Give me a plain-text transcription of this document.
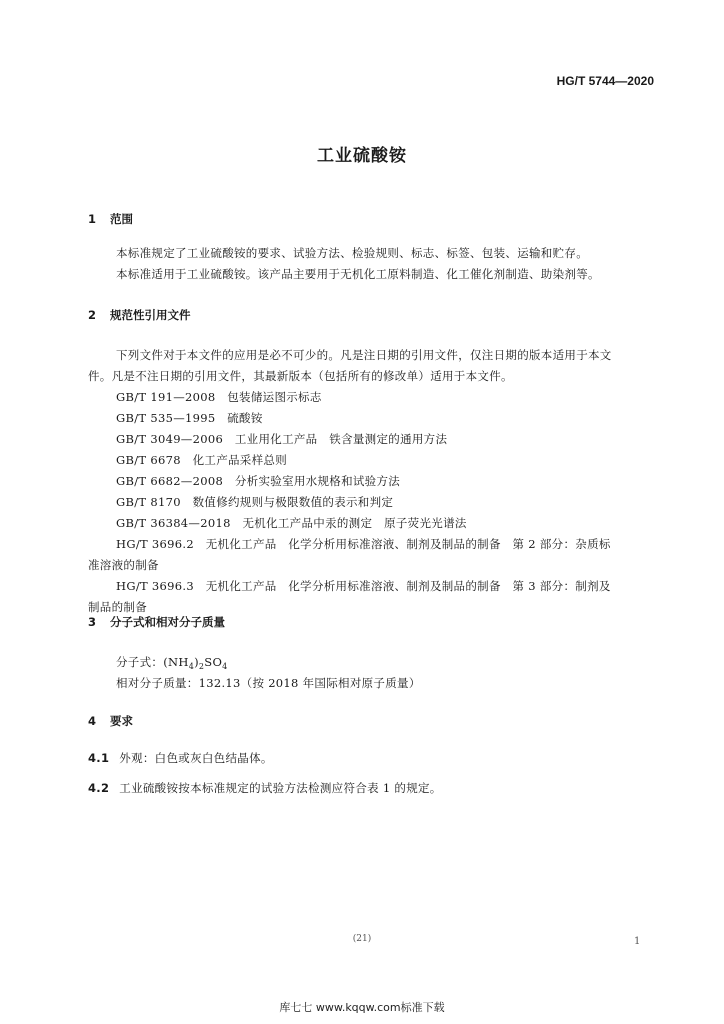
HG/T 5744—2020
工业硫酸铵
1 范围
本标准规定了工业硫酸铵的要求、试验方法、检验规则、标志、标签、包装、运输和贮存。
本标准适用于工业硫酸铵。该产品主要用于无机化工原料制造、化工催化剂制造、助染剂等。
2 规范性引用文件
下列文件对于本文件的应用是必不可少的。凡是注日期的引用文件，仅注日期的版本适用于本文
件。凡是不注日期的引用文件，其最新版本（包括所有的修改单）适用于本文件。
GB/T 191—2008　包装储运图示标志
GB/T 535—1995　硫酸铵
GB/T 3049—2006　工业用化工产品　铁含量测定的通用方法
GB/T 6678　化工产品采样总则
GB/T 6682—2008　分析实验室用水规格和试验方法
GB/T 8170　数值修约规则与极限数值的表示和判定
GB/T 36384—2018　无机化工产品中汞的测定　原子荧光光谱法
HG/T 3696.2　无机化工产品　化学分析用标准溶液、制剂及制品的制备　第 2 部分：杂质标
准溶液的制备
HG/T 3696.3　无机化工产品　化学分析用标准溶液、制剂及制品的制备　第 3 部分：制剂及
制品的制备
3 分子式和相对分子质量
分子式：$(NH_4)_2SO_4$
相对分子质量：132.13（按 2018 年国际相对原子质量）
4 要求
4.1 外观：白色或灰白色结晶体。
4.2 工业硫酸铵按本标准规定的试验方法检测应符合表 1 的规定。
(21)	1
库七七 www.kqqw.com标准下载
